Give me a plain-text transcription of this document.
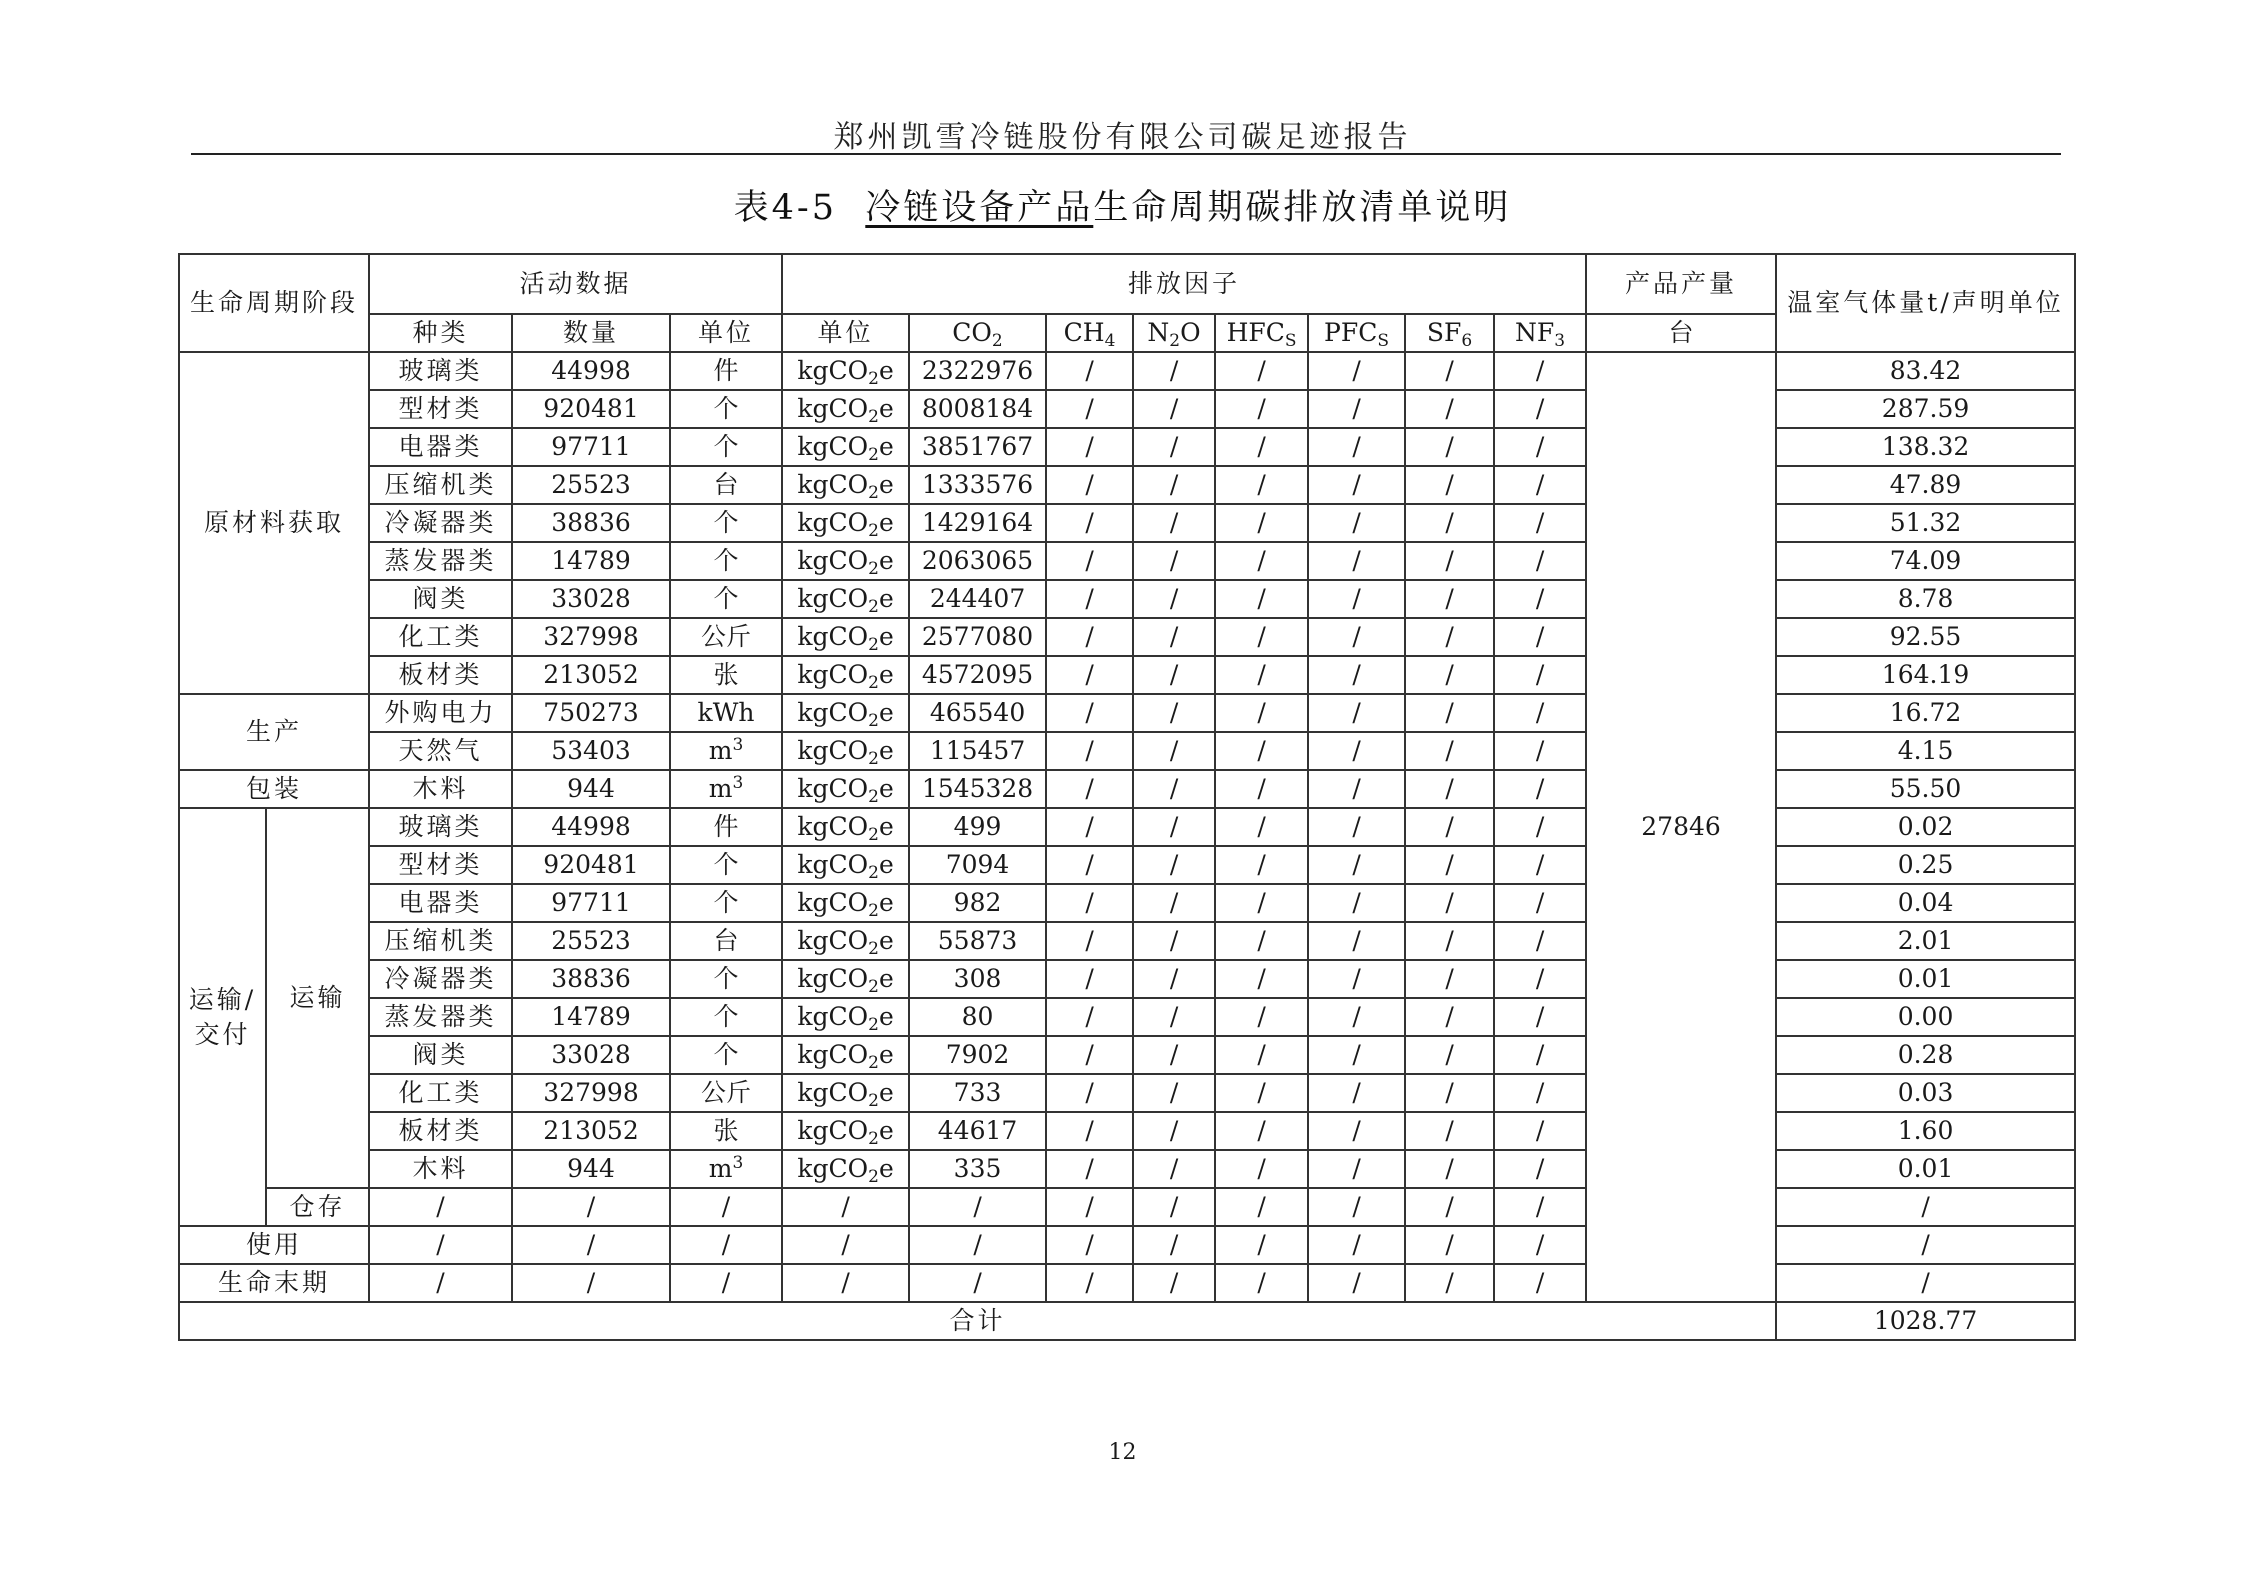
郑州凯雪冷链股份有限公司碳足迹报告
表4-5 冷链设备产品生命周期碳排放清单说明
生命周期阶段		活动数据			排放因子								产品产量	温室气体量t/声明单位
		种类	数量	单位	单位	$CO_2$	$CH_4$	$N_2O$	$HFC_S$	$PFC_S$	$SF_6$	$NF_3$	台	
原材料获取		玻璃类	44998	件	kgCO$_2$e	2322976	/	/	/	/	/	/	27846	83.42
		型材类	920481	个	kgCO$_2$e	8008184	/	/	/	/	/	/		287.59
		电器类	97711	个	kgCO$_2$e	3851767	/	/	/	/	/	/		138.32
		压缩机类	25523	台	kgCO$_2$e	1333576	/	/	/	/	/	/		47.89
		冷凝器类	38836	个	kgCO$_2$e	1429164	/	/	/	/	/	/		51.32
		蒸发器类	14789	个	kgCO$_2$e	2063065	/	/	/	/	/	/		74.09
		阀类	33028	个	kgCO$_2$e	244407	/	/	/	/	/	/		8.78
		化工类	327998	公斤	kgCO$_2$e	2577080	/	/	/	/	/	/		92.55
		板材类	213052	张	kgCO$_2$e	4572095	/	/	/	/	/	/		164.19
生产		外购电力	750273	kWh	kgCO$_2$e	465540	/	/	/	/	/	/		16.72
		天然气	53403	$m^3$	kgCO$_2$e	115457	/	/	/	/	/	/		4.15
包装		木料	944	$m^3$	kgCO$_2$e	1545328	/	/	/	/	/	/		55.50
运输/交付	运输	玻璃类	44998	件	kgCO$_2$e	499	/	/	/	/	/	/		0.02
		型材类	920481	个	kgCO$_2$e	7094	/	/	/	/	/	/		0.25
		电器类	97711	个	kgCO$_2$e	982	/	/	/	/	/	/		0.04
		压缩机类	25523	台	kgCO$_2$e	55873	/	/	/	/	/	/		2.01
		冷凝器类	38836	个	kgCO$_2$e	308	/	/	/	/	/	/		0.01
		蒸发器类	14789	个	kgCO$_2$e	80	/	/	/	/	/	/		0.00
		阀类	33028	个	kgCO$_2$e	7902	/	/	/	/	/	/		0.28
		化工类	327998	公斤	kgCO$_2$e	733	/	/	/	/	/	/		0.03
		板材类	213052	张	kgCO$_2$e	44617	/	/	/	/	/	/		1.60
		木料	944	$m^3$	kgCO$_2$e	335	/	/	/	/	/	/		0.01
	仓存	/	/	/	/	/	/	/	/	/	/	/		/
使用		/	/	/	/	/	/	/	/	/	/	/		/
生命末期		/	/	/	/	/	/	/	/	/	/	/		/
合计														1028.77
12
